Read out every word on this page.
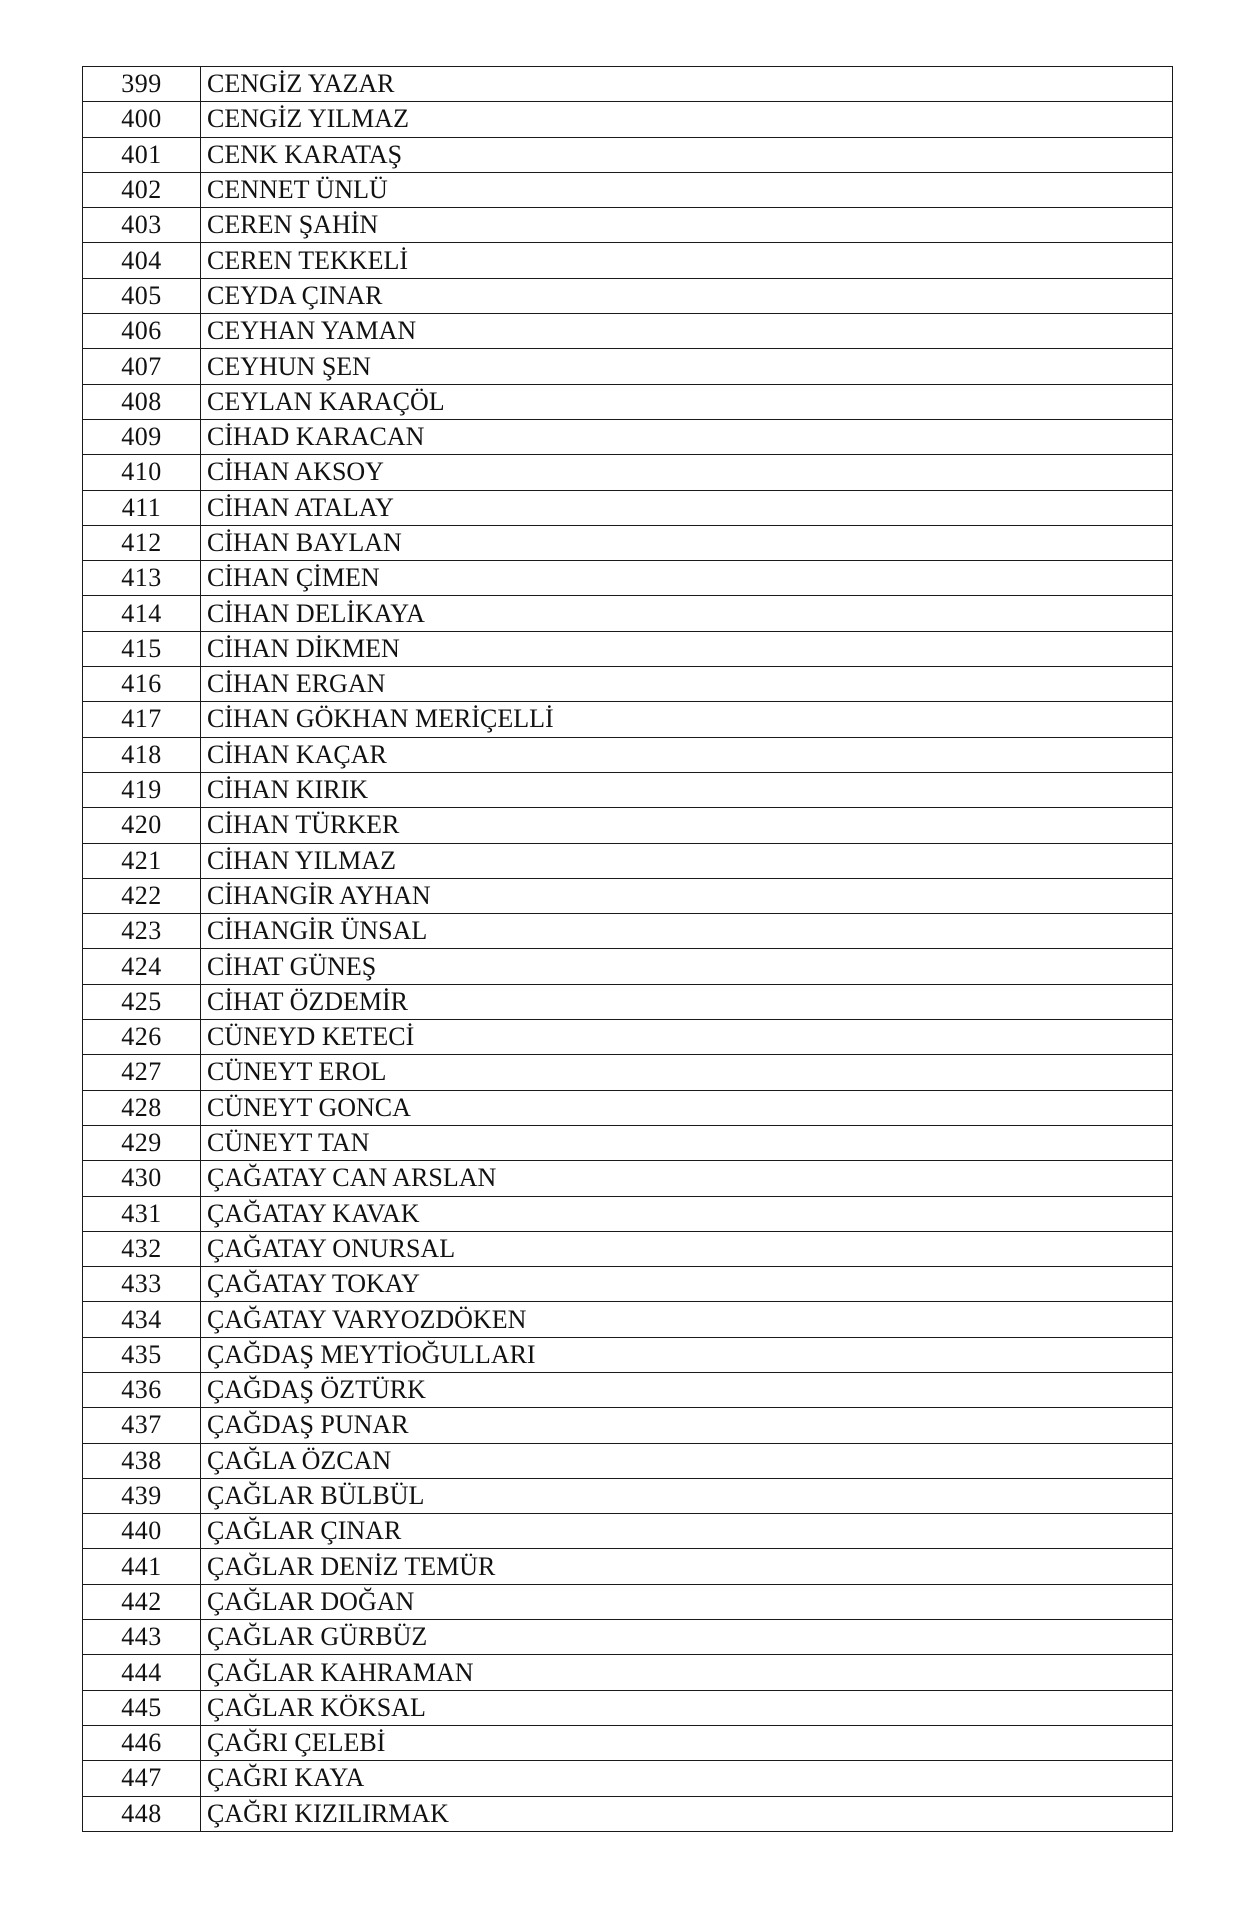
399	CENGİZ YAZAR
400	CENGİZ YILMAZ
401	CENK KARATAŞ
402	CENNET ÜNLÜ
403	CEREN ŞAHİN
404	CEREN TEKKELİ
405	CEYDA ÇINAR
406	CEYHAN YAMAN
407	CEYHUN ŞEN
408	CEYLAN KARAÇÖL
409	CİHAD KARACAN
410	CİHAN AKSOY
411	CİHAN ATALAY
412	CİHAN BAYLAN
413	CİHAN ÇİMEN
414	CİHAN DELİKAYA
415	CİHAN DİKMEN
416	CİHAN ERGAN
417	CİHAN GÖKHAN MERİÇELLİ
418	CİHAN KAÇAR
419	CİHAN KIRIK
420	CİHAN TÜRKER
421	CİHAN YILMAZ
422	CİHANGİR AYHAN
423	CİHANGİR ÜNSAL
424	CİHAT GÜNEŞ
425	CİHAT ÖZDEMİR
426	CÜNEYD KETECİ
427	CÜNEYT EROL
428	CÜNEYT GONCA
429	CÜNEYT TAN
430	ÇAĞATAY CAN ARSLAN
431	ÇAĞATAY KAVAK
432	ÇAĞATAY ONURSAL
433	ÇAĞATAY TOKAY
434	ÇAĞATAY VARYOZDÖKEN
435	ÇAĞDAŞ MEYTİOĞULLARI
436	ÇAĞDAŞ ÖZTÜRK
437	ÇAĞDAŞ PUNAR
438	ÇAĞLA ÖZCAN
439	ÇAĞLAR BÜLBÜL
440	ÇAĞLAR ÇINAR
441	ÇAĞLAR DENİZ TEMÜR
442	ÇAĞLAR DOĞAN
443	ÇAĞLAR GÜRBÜZ
444	ÇAĞLAR KAHRAMAN
445	ÇAĞLAR KÖKSAL
446	ÇAĞRI ÇELEBİ
447	ÇAĞRI KAYA
448	ÇAĞRI KIZILIRMAK
